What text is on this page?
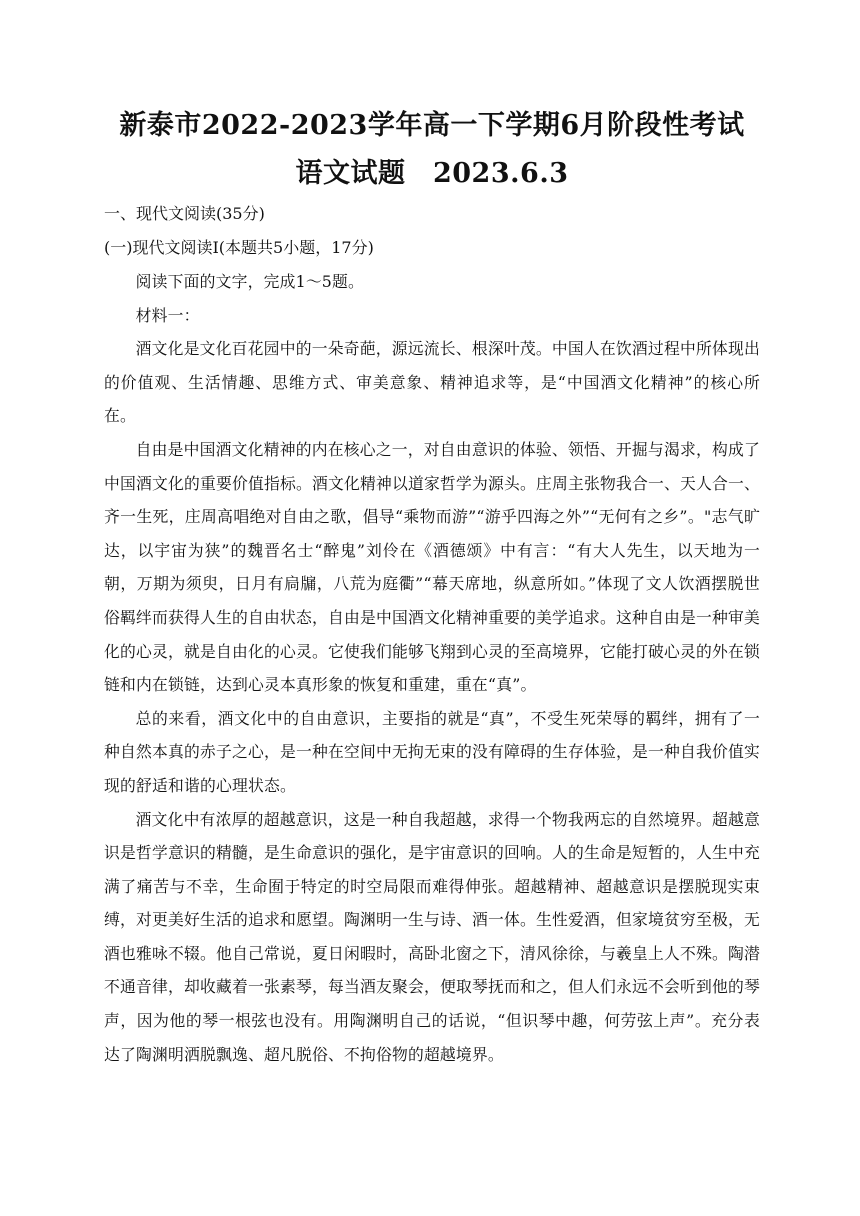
新泰市2022-2023学年高一下学期6月阶段性考试
语文试题　2023.6.3

一、现代文阅读(35分)

(一)现代文阅读Ⅰ(本题共5小题，17分)

阅读下面的文字，完成1～5题。

材料一：

酒文化是文化百花园中的一朵奇葩，源远流长、根深叶茂。中国人在饮酒过程中所体现出的价值观、生活情趣、思维方式、审美意象、精神追求等，是“中国酒文化精神”的核心所在。

自由是中国酒文化精神的内在核心之一，对自由意识的体验、领悟、开掘与渴求，构成了中国酒文化的重要价值指标。酒文化精神以道家哲学为源头。庄周主张物我合一、天人合一、齐一生死，庄周高唱绝对自由之歌，倡导“乘物而游”“游乎四海之外”“无何有之乡”。"志气旷达，以宇宙为狭”的魏晋名士“醉鬼”刘伶在《酒德颂》中有言：“有大人先生，以天地为一朝，万期为须臾，日月有扃牖，八荒为庭衢”“幕天席地，纵意所如。”体现了文人饮酒摆脱世俗羁绊而获得人生的自由状态，自由是中国酒文化精神重要的美学追求。这种自由是一种审美化的心灵，就是自由化的心灵。它使我们能够飞翔到心灵的至高境界，它能打破心灵的外在锁链和内在锁链，达到心灵本真形象的恢复和重建，重在“真”。

总的来看，酒文化中的自由意识，主要指的就是“真”，不受生死荣辱的羁绊，拥有了一种自然本真的赤子之心，是一种在空间中无拘无束的没有障碍的生存体验，是一种自我价值实现的舒适和谐的心理状态。

酒文化中有浓厚的超越意识，这是一种自我超越，求得一个物我两忘的自然境界。超越意识是哲学意识的精髓，是生命意识的强化，是宇宙意识的回响。人的生命是短暂的，人生中充满了痛苦与不幸，生命囿于特定的时空局限而难得伸张。超越精神、超越意识是摆脱现实束缚，对更美好生活的追求和愿望。陶渊明一生与诗、酒一体。生性爱酒，但家境贫穷至极，无酒也雅咏不辍。他自己常说，夏日闲暇时，高卧北窗之下，清风徐徐，与羲皇上人不殊。陶潜不通音律，却收藏着一张素琴，每当酒友聚会，便取琴抚而和之，但人们永远不会听到他的琴声，因为他的琴一根弦也没有。用陶渊明自己的话说，“但识琴中趣，何劳弦上声”。充分表达了陶渊明洒脱飘逸、超凡脱俗、不拘俗物的超越境界。
